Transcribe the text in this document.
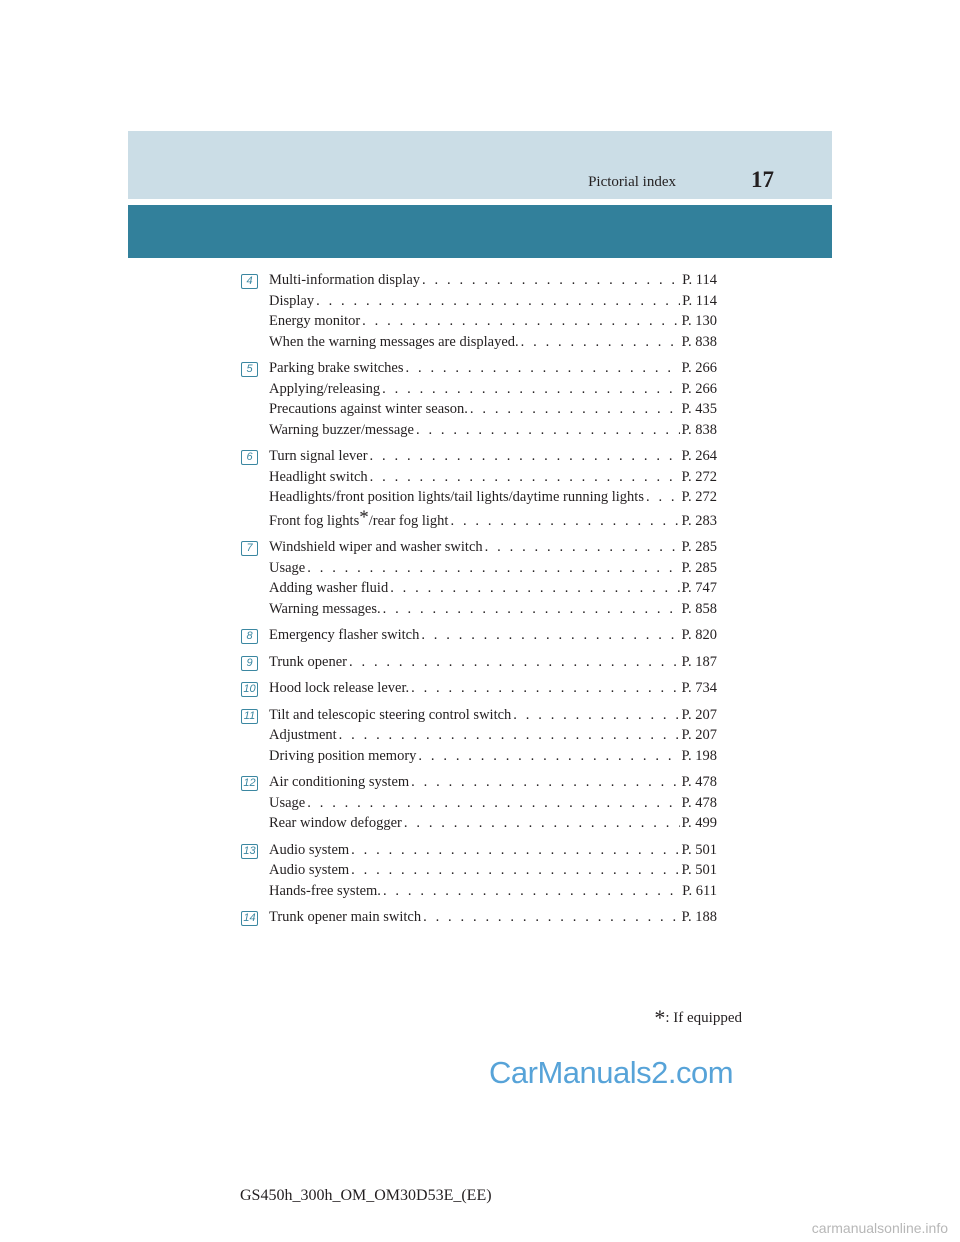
Pictorial index	17
4	Multi-information display . . .	P. 114
Display . . .	P. 114
Energy monitor . . .	P. 130
When the warning messages are displayed. . . .	P. 838
5	Parking brake switches . . .	P. 266
Applying/releasing . . .	P. 266
Precautions against winter season. . . .	P. 435
Warning buzzer/message . . .	P. 838
6	Turn signal lever . . .	P. 264
Headlight switch . . .	P. 272
Headlights/front position lights/tail lights/daytime running lights . . .	P. 272
Front fog lights*/rear fog light . . .	P. 283
7	Windshield wiper and washer switch . . .	P. 285
Usage . . .	P. 285
Adding washer fluid . . .	P. 747
Warning messages. . . .	P. 858
8	Emergency flasher switch . . .	P. 820
9	Trunk opener . . .	P. 187
10 Hood lock release lever. . . .	P. 734
11 Tilt and telescopic steering control switch . . .	P. 207
Adjustment . . .	P. 207
Driving position memory . . .	P. 198
12 Air conditioning system . . .	P. 478
Usage . . .	P. 478
Rear window defogger . . .	P. 499
13 Audio system . . .	P. 501
Audio system . . .	P. 501
Hands-free system. . . .	P. 611
14 Trunk opener main switch . . .	P. 188
*: If equipped
CarManuals2.com
GS450h_300h_OM_OM30D53E_(EE)
carmanualsonline.info
